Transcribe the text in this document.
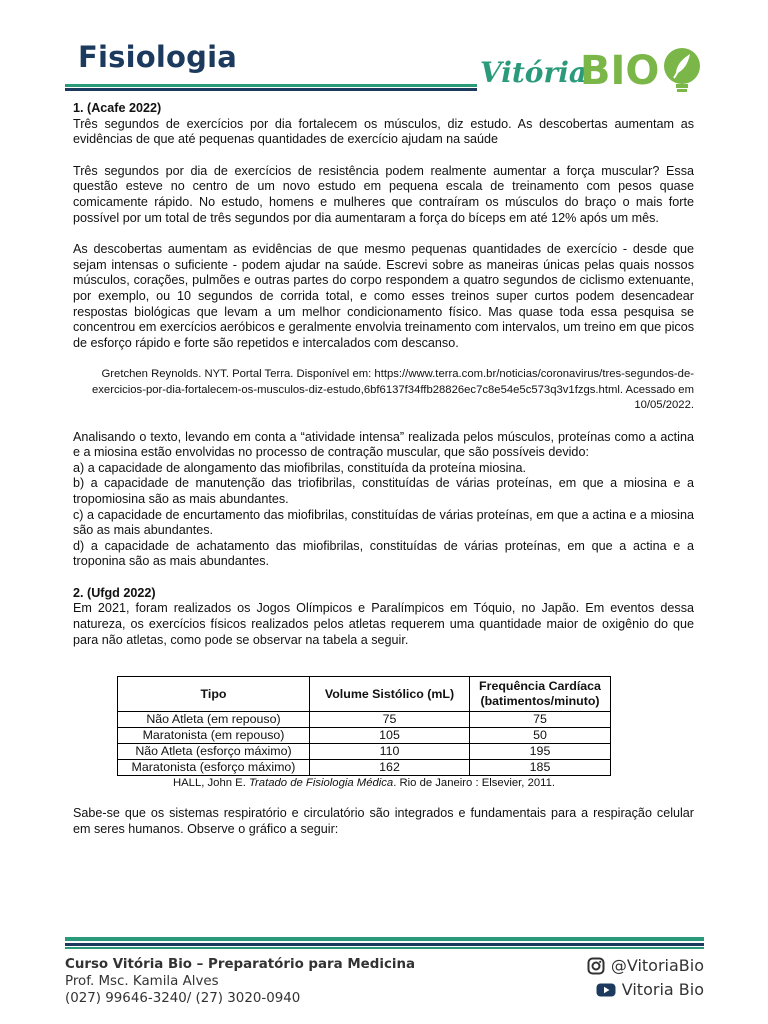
Fisiologia	Vitória
BIO

1. (Acafe 2022)

Três segundos de exercícios por dia fortalecem os músculos, diz estudo. As descobertas aumentam as evidências de que até pequenas quantidades de exercício ajudam na saúde

Três segundos por dia de exercícios de resistência podem realmente aumentar a força muscular? Essa questão esteve no centro de um novo estudo em pequena escala de treinamento com pesos quase comicamente rápido. No estudo, homens e mulheres que contraíram os músculos do braço o mais forte possível por um total de três segundos por dia aumentaram a força do bíceps em até 12% após um mês.

As descobertas aumentam as evidências de que mesmo pequenas quantidades de exercício - desde que sejam intensas o suficiente - podem ajudar na saúde. Escrevi sobre as maneiras únicas pelas quais nossos músculos, corações, pulmões e outras partes do corpo respondem a quatro segundos de ciclismo extenuante, por exemplo, ou 10 segundos de corrida total, e como esses treinos super curtos podem desencadear respostas biológicas que levam a um melhor condicionamento físico. Mas quase toda essa pesquisa se concentrou em exercícios aeróbicos e geralmente envolvia treinamento com intervalos, um treino em que picos de esforço rápido e forte são repetidos e intercalados com descanso.

Gretchen Reynolds. NYT. Portal Terra. Disponível em: https://www.terra.com.br/noticias/coronavirus/tres-segundos-de-exercicios-por-dia-fortalecem-os-musculos-diz-estudo,6bf6137f34ffb28826ec7c8e54e5c573q3v1fzgs.html. Acessado em 10/05/2022.

Analisando o texto, levando em conta a “atividade intensa” realizada pelos músculos, proteínas como a actina e a miosina estão envolvidas no processo de contração muscular, que são possíveis devido:

a) a capacidade de alongamento das miofibrilas, constituída da proteína miosina.

b) a capacidade de manutenção das triofibrilas, constituídas de várias proteínas, em que a miosina e a tropomiosina são as mais abundantes.

c) a capacidade de encurtamento das miofibrilas, constituídas de várias proteínas, em que a actina e a miosina são as mais abundantes.

d) a capacidade de achatamento das miofibrilas, constituídas de várias proteínas, em que a actina e a troponina são as mais abundantes.

2. (Ufgd 2022)

Em 2021, foram realizados os Jogos Olímpicos e Paralímpicos em Tóquio, no Japão. Em eventos dessa natureza, os exercícios físicos realizados pelos atletas requerem uma quantidade maior de oxigênio do que para não atletas, como pode se observar na tabela a seguir.

Tipo	Volume Sistólico (mL)	Frequência Cardíaca (batimentos/minuto)
Não Atleta (em repouso)	75	75
Maratonista (em repouso)	105	50
Não Atleta (esforço máximo)	110	195
Maratonista (esforço máximo)	162	185
HALL, John E. Tratado de Fisiologia Médica. Rio de Janeiro : Elsevier, 2011.

Sabe-se que os sistemas respiratório e circulatório são integrados e fundamentais para a respiração celular em seres humanos. Observe o gráfico a seguir:

Curso Vitória Bio – Preparatório para Medicina
Prof. Msc. Kamila Alves
(027) 99646-3240/ (27) 3020-0940
@VitoriaBio
Vitoria Bio
